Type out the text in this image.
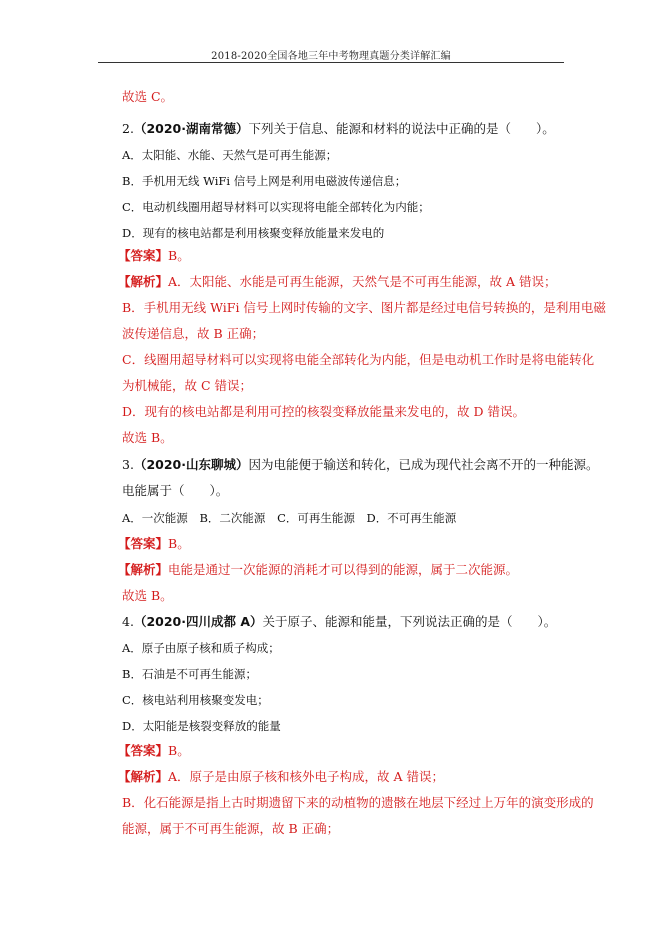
2018-2020全国各地三年中考物理真题分类详解汇编
故选 C。
2.（2020·湖南常德）下列关于信息、能源和材料的说法中正确的是（　　）。
A．太阳能、水能、天然气是可再生能源；
B．手机用无线 WiFi 信号上网是利用电磁波传递信息；
C．电动机线圈用超导材料可以实现将电能全部转化为内能；
D．现有的核电站都是利用核聚变释放能量来发电的
【答案】B。
【解析】A．太阳能、水能是可再生能源，天然气是不可再生能源，故 A 错误；
B．手机用无线 WiFi 信号上网时传输的文字、图片都是经过电信号转换的，是利用电磁
波传递信息，故 B 正确；
C．线圈用超导材料可以实现将电能全部转化为内能，但是电动机工作时是将电能转化
为机械能，故 C 错误；
D．现有的核电站都是利用可控的核裂变释放能量来发电的，故 D 错误。
故选 B。
3.（2020·山东聊城）因为电能便于输送和转化，已成为现代社会离不开的一种能源。
电能属于（　　）。
A．一次能源 B．二次能源 C．可再生能源 D．不可再生能源
【答案】B。
【解析】电能是通过一次能源的消耗才可以得到的能源，属于二次能源。
故选 B。
4.（2020·四川成都 A）关于原子、能源和能量，下列说法正确的是（　　）。
A．原子由原子核和质子构成；
B．石油是不可再生能源；
C．核电站利用核聚变发电；
D．太阳能是核裂变释放的能量
【答案】B。
【解析】A．原子是由原子核和核外电子构成，故 A 错误；
B．化石能源是指上古时期遗留下来的动植物的遗骸在地层下经过上万年的演变形成的
能源，属于不可再生能源，故 B 正确；
